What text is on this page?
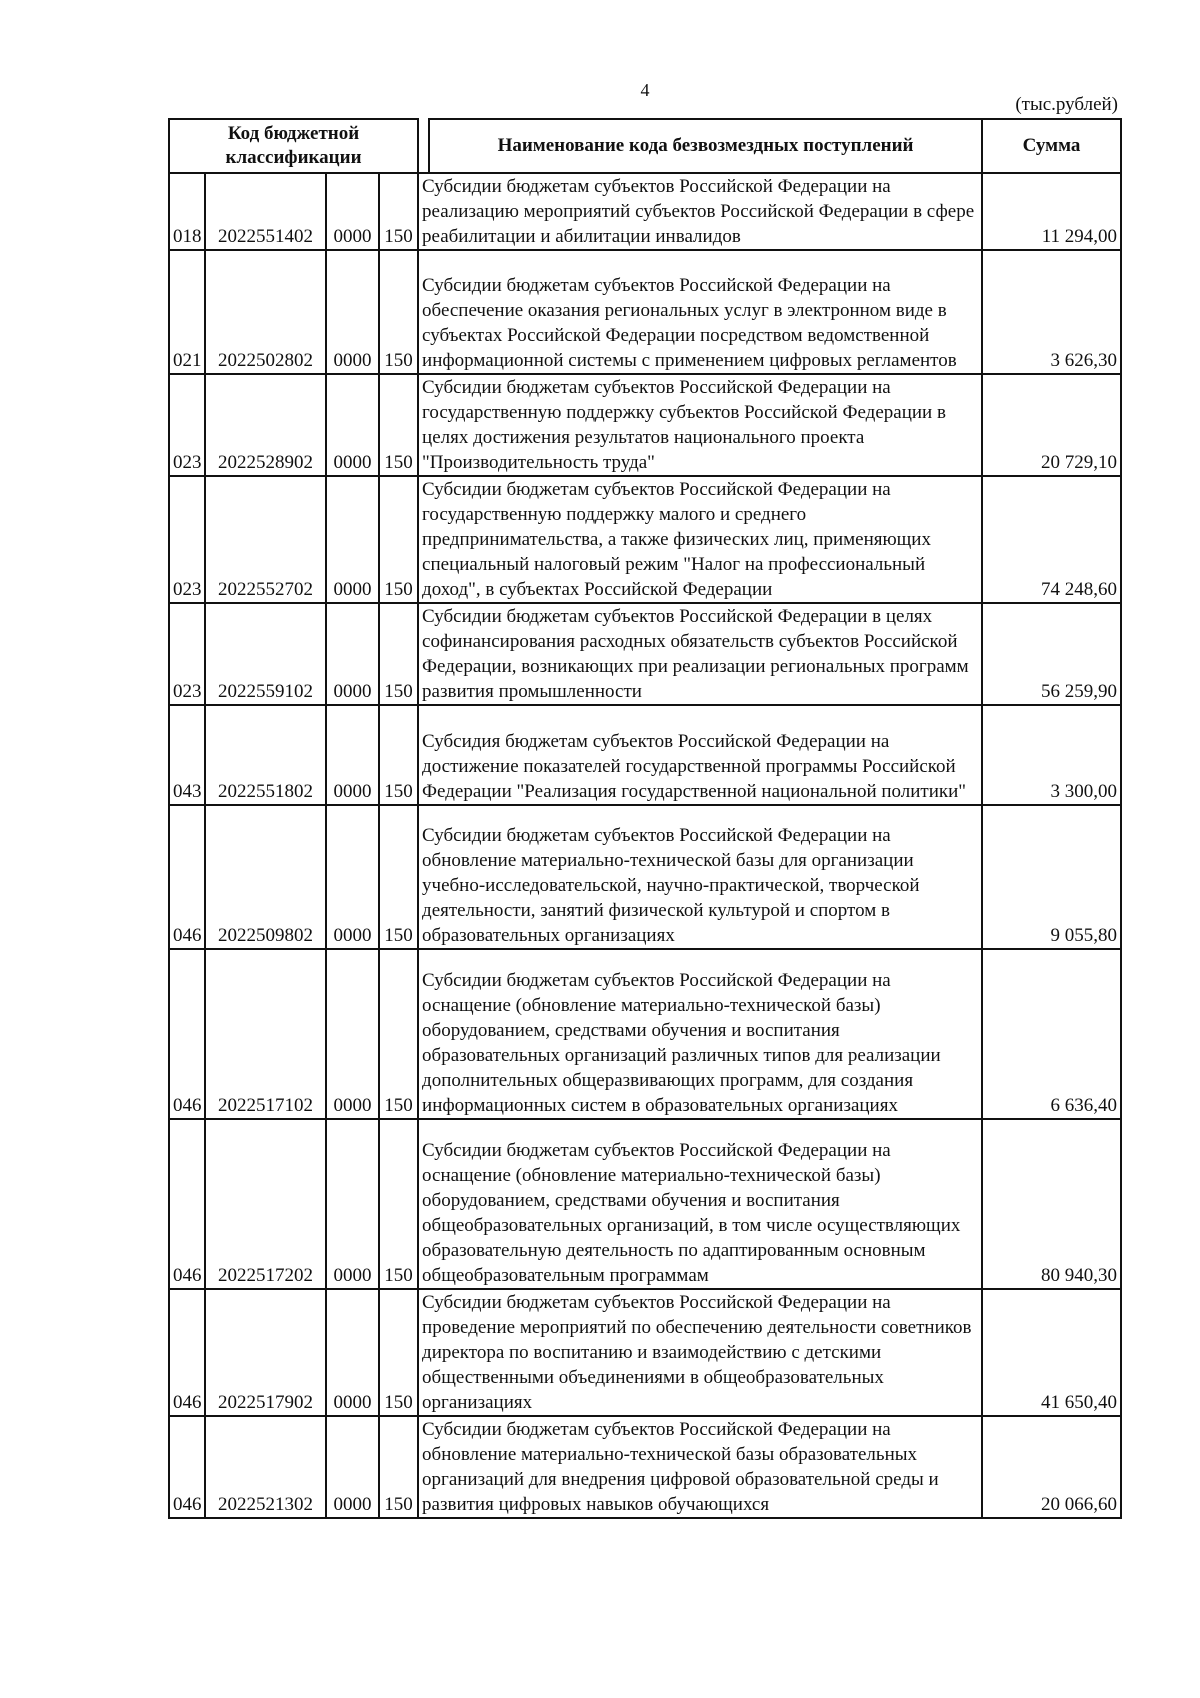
4
(тыс.рублей)
Код бюджетной классификации					Наименование кода безвозмездных поступлений	Сумма
018	2022551402	0000	150	Субсидии бюджетам субъектов Российской Федерации на реализацию мероприятий субъектов Российской Федерации в сфере реабилитации и абилитации инвалидов		11 294,00
021	2022502802	0000	150	Субсидии бюджетам субъектов Российской Федерации на обеспечение оказания региональных услуг в электронном виде в субъектах Российской Федерации посредством ведомственной информационной системы с применением цифровых регламентов		3 626,30
023	2022528902	0000	150	Субсидии бюджетам субъектов Российской Федерации на государственную поддержку субъектов Российской Федерации в целях достижения результатов национального проекта "Производительность труда"		20 729,10
023	2022552702	0000	150	Субсидии бюджетам субъектов Российской Федерации на государственную поддержку малого и среднего предпринимательства, а также физических лиц, применяющих специальный налоговый режим "Налог на профессиональный доход", в субъектах Российской Федерации		74 248,60
023	2022559102	0000	150	Субсидии бюджетам субъектов Российской Федерации в целях софинансирования расходных обязательств субъектов Российской Федерации, возникающих при реализации региональных программ развития промышленности		56 259,90
043	2022551802	0000	150	Субсидия бюджетам субъектов Российской Федерации на достижение показателей государственной программы Российской Федерации "Реализация государственной национальной политики"		3 300,00
046	2022509802	0000	150	Субсидии бюджетам субъектов Российской Федерации на обновление материально-технической базы для организации учебно-исследовательской, научно-практической, творческой деятельности, занятий физической культурой и спортом в образовательных организациях		9 055,80
046	2022517102	0000	150	Субсидии бюджетам субъектов Российской Федерации на оснащение (обновление материально-технической базы) оборудованием, средствами обучения и воспитания образовательных организаций различных типов для реализации дополнительных общеразвивающих программ, для создания информационных систем в образовательных организациях		6 636,40
046	2022517202	0000	150	Субсидии бюджетам субъектов Российской Федерации на оснащение (обновление материально-технической базы) оборудованием, средствами обучения и воспитания общеобразовательных организаций, в том числе осуществляющих образовательную деятельность по адаптированным основным общеобразовательным программам		80 940,30
046	2022517902	0000	150	Субсидии бюджетам субъектов Российской Федерации на проведение мероприятий по обеспечению деятельности советников директора по воспитанию и взаимодействию с детскими общественными объединениями в общеобразовательных организациях		41 650,40
046	2022521302	0000	150	Субсидии бюджетам субъектов Российской Федерации на обновление материально-технической базы образовательных организаций для внедрения цифровой образовательной среды и развития цифровых навыков обучающихся		20 066,60
